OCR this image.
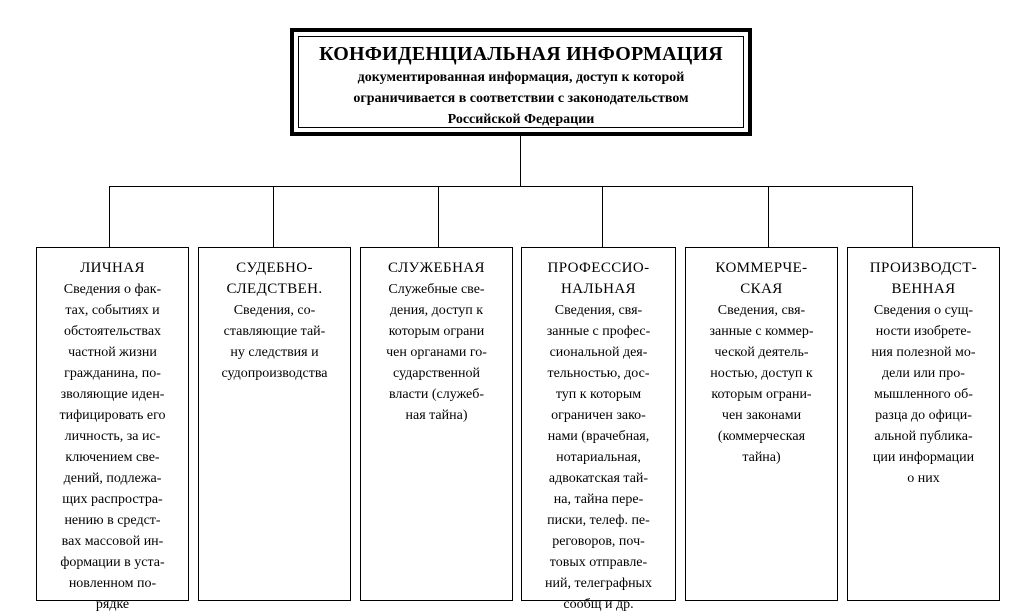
КОНФИДЕНЦИАЛЬНАЯ ИНФОРМАЦИЯ
документированная информация, доступ к которой
ограничивается в соответствии с законодательством
Российской Федерации
ЛИЧНАЯ
Сведения о фак-
тах, событиях и
обстоятельствах
частной жизни
гражданина, по-
зволяющие иден-
тифицировать его
личность, за ис-
ключением све-
дений, подлежа-
щих распростра-
нению в средст-
вах массовой ин-
формации в уста-
новленном по-
рядке
СУДЕБНО-
СЛЕДСТВЕН.
Сведения, со-
ставляющие тай-
ну следствия и
судопроизводства
СЛУЖЕБНАЯ
Служебные све-
дения, доступ к
которым ограни
чен органами го-
сударственной
власти (служеб-
ная тайна)
ПРОФЕССИО-
НАЛЬНАЯ
Сведения, свя-
занные с профес-
сиональной дея-
тельностью, дос-
туп к которым
ограничен зако-
нами (врачебная,
нотариальная,
адвокатская тай-
на, тайна пере-
писки, телеф. пе-
реговоров, поч-
товых отправле-
ний, телеграфных
сообщ и др.
КОММЕРЧЕ-
СКАЯ
Сведения, свя-
занные с коммер-
ческой деятель-
ностью, доступ к
которым ограни-
чен законами
(коммерческая
тайна)
ПРОИЗВОДСТ-
ВЕННАЯ
Сведения о сущ-
ности изобрете-
ния полезной мо-
дели или про-
мышленного об-
разца до офици-
альной публика-
ции информации
о них
